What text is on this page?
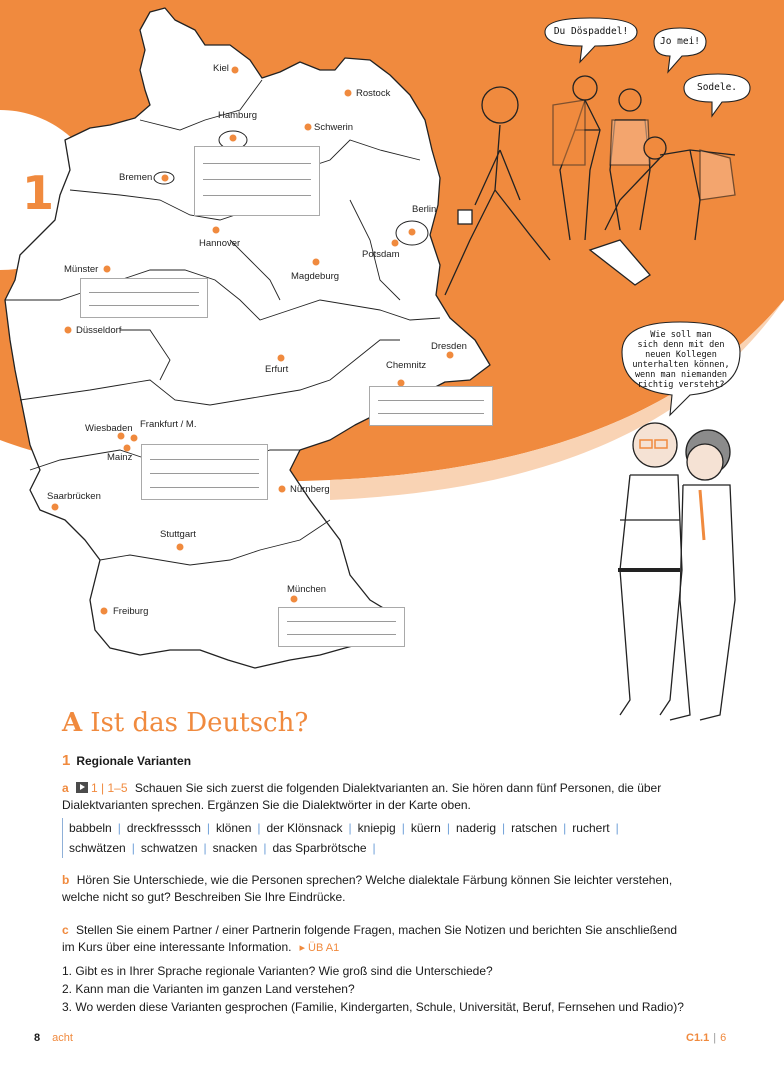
1
Kiel
Rostock
Hamburg
Schwerin
Bremen
Berlin
Hannover
Potsdam
Münster
Magdeburg
Düsseldorf
Dresden
Erfurt	Chemnitz
Wiesbaden Frankfurt / M.
Mainz
Saarbrücken
Nürnberg
Stuttgart
München
Freiburg
Du Döspaddel!
Jo mei!
Sodele.
Wie soll man
sich denn mit den
neuen Kollegen
unterhalten können,
wenn man niemanden
richtig versteht?
A Ist das Deutsch?
1 Regionale Varianten
a 1 | 1–5 Schauen Sie sich zuerst die folgenden Dialektvarianten an. Sie hören dann fünf Personen, die über
Dialektvarianten sprechen. Ergänzen Sie die Dialektwörter in der Karte oben.
babbeln | dreckfresssch | klönen | der Klönsnack | kniepig | küern | naderig | ratschen | ruchert |
schwätzen | schwatzen | snacken | das Sparbrötsche |
b Hören Sie Unterschiede, wie die Personen sprechen? Welche dialektale Färbung können Sie leichter verstehen,
welche nicht so gut? Beschreiben Sie Ihre Eindrücke.
c Stellen Sie einem Partner / einer Partnerin folgende Fragen, machen Sie Notizen und berichten Sie anschließend
im Kurs über eine interessante Information. ▸ ÜB A1
1. Gibt es in Ihrer Sprache regionale Varianten? Wie groß sind die Unterschiede?
2. Kann man die Varianten im ganzen Land verstehen?
3. Wo werden diese Varianten gesprochen (Familie, Kindergarten, Schule, Universität, Beruf, Fernsehen und Radio)?
8 acht	C1.1 | 6
